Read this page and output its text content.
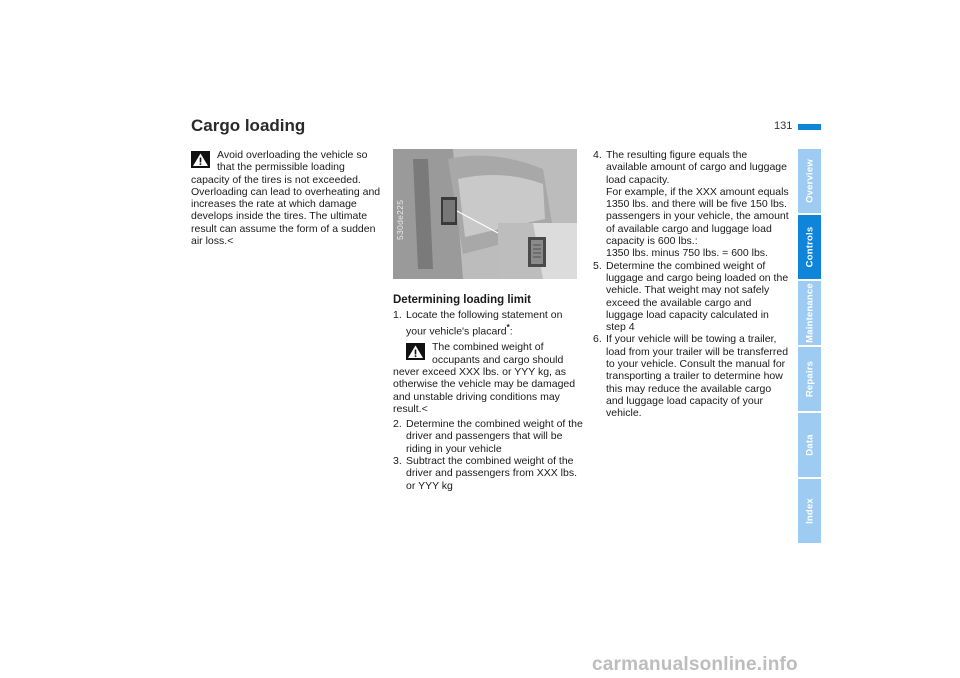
Cargo loading	131

Avoid overloading the vehicle so that the permissible loading capacity of the tires is not exceeded. Overloading can lead to overheating and increases the rate at which damage develops inside the tires. The ultimate result can assume the form of a sudden air loss.<

530de225
Determining loading limit
1. Locate the following statement on your vehicle's placard*:

The combined weight of occupants and cargo should never exceed XXX lbs. or YYY kg, as otherwise the vehicle may be damaged and unstable driving conditions may result.<

2. Determine the combined weight of the driver and passengers that will be riding in your vehicle
3. Subtract the combined weight of the driver and passengers from XXX lbs. or YYY kg
4. The resulting figure equals the available amount of cargo and luggage load capacity.
For example, if the XXX amount equals 1350 lbs. and there will be five 150 lbs. passengers in your vehicle, the amount of available cargo and luggage load capacity is 600 lbs.:
1350 lbs. minus 750 lbs. = 600 lbs.
5. Determine the combined weight of luggage and cargo being loaded on the vehicle. That weight may not safely exceed the available cargo and luggage load capacity calculated in step 4
6. If your vehicle will be towing a trailer, load from your trailer will be transferred to your vehicle. Consult the manual for transporting a trailer to determine how this may reduce the available cargo and luggage load capacity of your vehicle.
Overview
Controls
Maintenance
Repairs
Data
Index
carmanualsonline.info
